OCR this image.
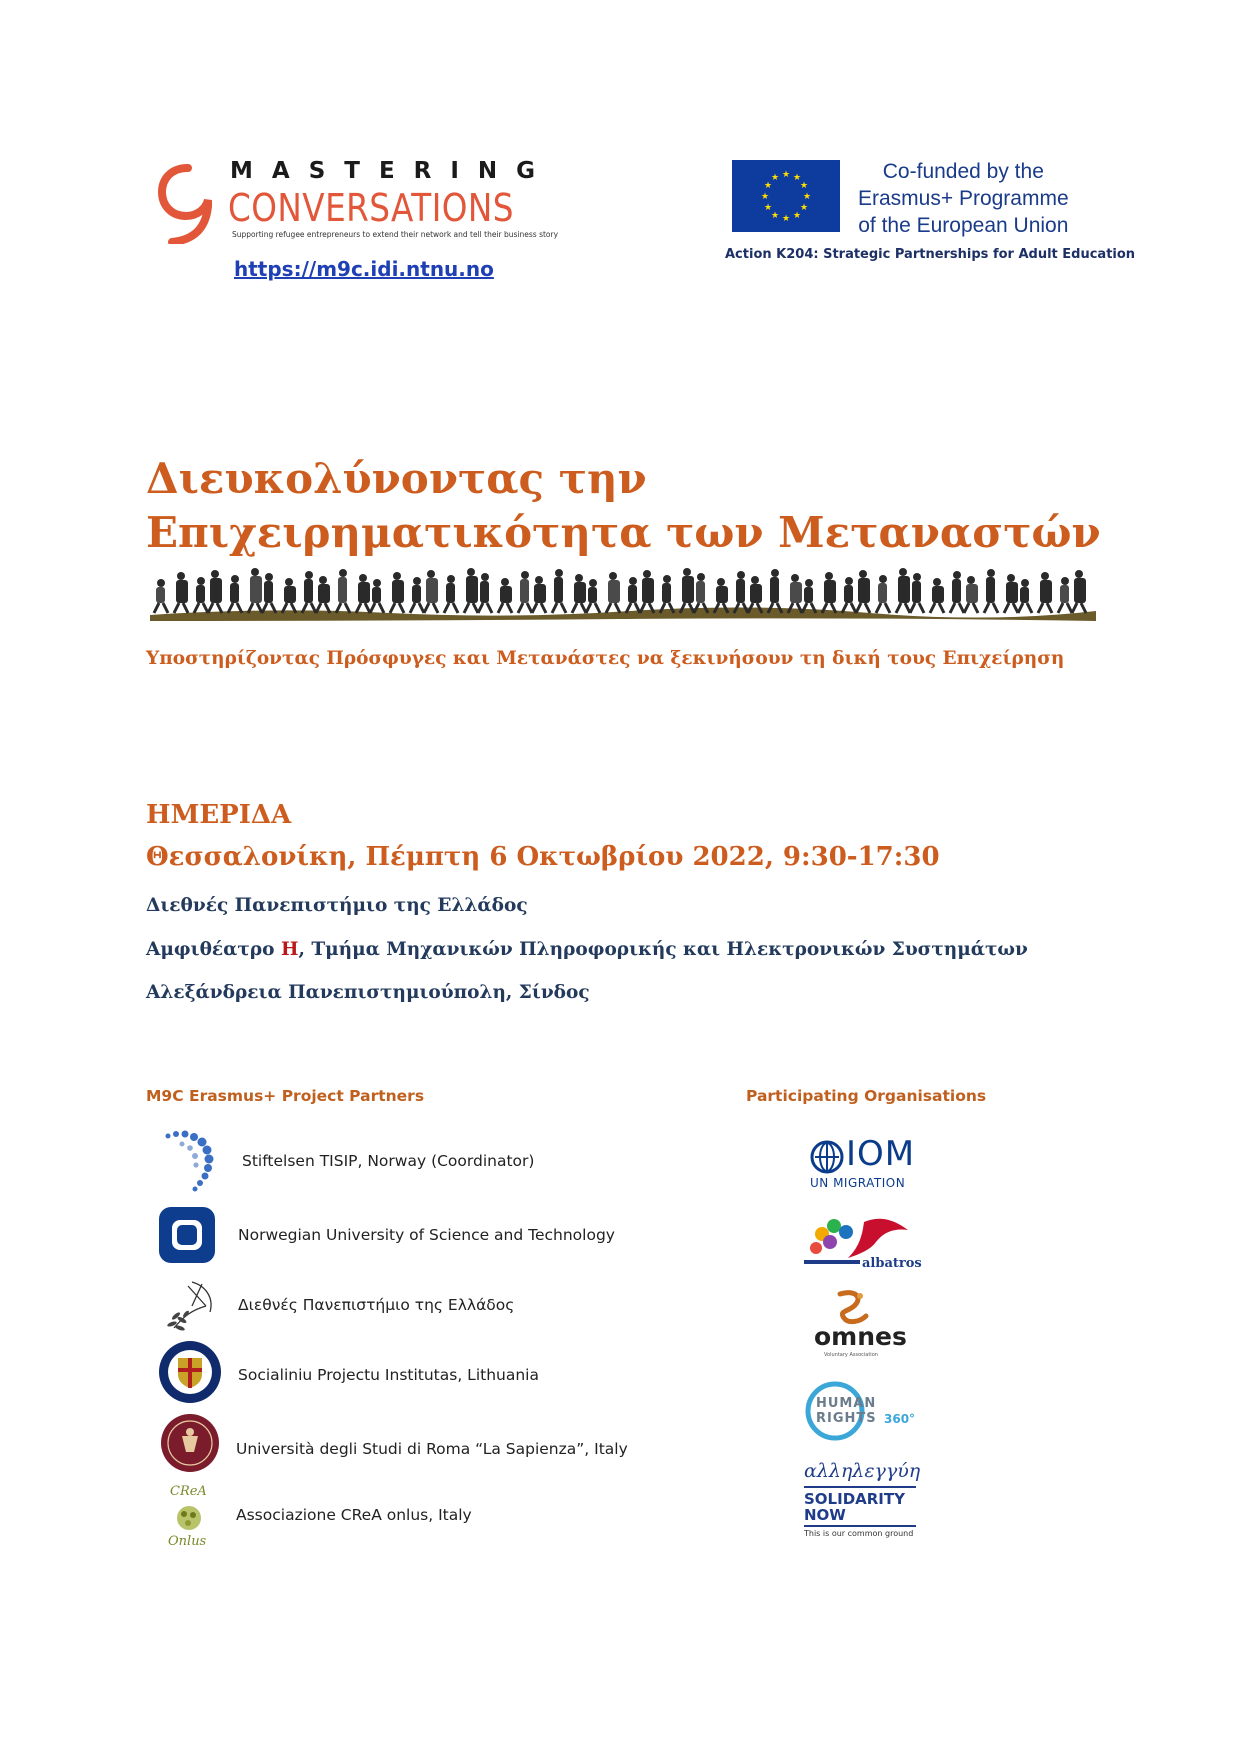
MASTERING
CONVERSATIONS
Supporting refugee entrepreneurs to extend their network and tell their business story
https://m9c.idi.ntnu.no
★ ★
★
★
★
★
★
★
★
★
★
★	Co-funded by the
Erasmus+ Programme
of the European Union
Action K204: Strategic Partnerships for Adult Education
Διευκολύνοντας την
Επιχειρηματικότητα των Μεταναστών
Υποστηρίζοντας Πρόσφυγες και Μετανάστες να ξεκινήσουν τη δική τους Επιχείρηση
ΗΜΕΡΙΔΑ
Θεσσαλονίκη, Πέμπτη 6 Οκτωβρίου 2022, 9:30-17:30
Διεθνές Πανεπιστήμιο της Ελλάδος
Αμφιθέατρο Η, Τμήμα Μηχανικών Πληροφορικής και Ηλεκτρονικών Συστημάτων
Αλεξάνδρεια Πανεπιστημιούπολη, Σίνδος
M9C Erasmus+ Project Partners
Stiftelsen TISIP, Norway (Coordinator)
Norwegian University of Science and Technology
Διεθνές Πανεπιστήμιο της Ελλάδος
Socialiniu Projectu Institutas, Lithuania
Università degli Studi di Roma “La Sapienza”, Italy
CReA
Onlus
Associazione CReA onlus, Italy
Participating Organisations
IOM
UN MIGRATION
albatros
omnes
Voluntary Association
HUMAN
RIGHTS 360°
αλληλεγγύη
SOLIDARITY
NOW
This is our common ground
